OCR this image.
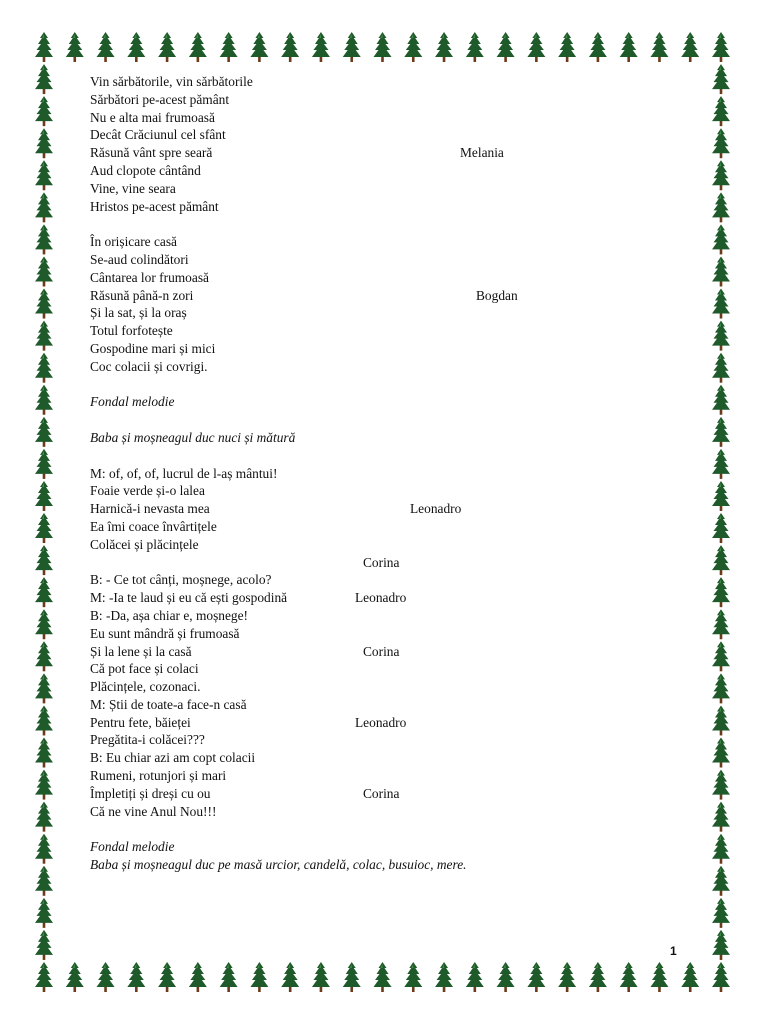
Vin sărbătorile, vin sărbătorile
Sărbători pe-acest pământ
Nu e alta mai frumoasă
Decât Crăciunul cel sfânt
Răsună vânt spre seară	Melania
Aud clopote cântând
Vine, vine seara
Hristos pe-acest pământ
În orișicare casă
Se-aud colindători
Cântarea lor frumoasă
Răsună până-n zori	Bogdan
Și la sat, și la oraș
Totul forfotește
Gospodine mari și mici
Coc colacii și covrigi.
Fondal melodie
Baba și moșneagul duc nuci și mătură
M: of, of, of, lucrul de l-aș mântui!
Foaie verde și-o lalea
Harnică-i nevasta mea	Leonadro
Ea îmi coace învârtițele
Colăcei și plăcințele
Corina
B: - Ce tot cânți, moșnege, acolo?
M: -Ia te laud și eu că ești gospodină	Leonadro
B: -Da, așa chiar e, moșnege!
Eu sunt mândră și frumoasă
Și la lene și la casă	Corina
Că pot face și colaci
Plăcințele, cozonaci.
M: Știi de toate-a face-n casă
Pentru fete, băieței	Leonadro
Pregătita-i colăcei???
B: Eu chiar azi am copt colacii
Rumeni, rotunjori și mari
Împletiți și dreși cu ou	Corina
Că ne vine Anul Nou!!!
Fondal melodie
Baba și moșneagul duc pe masă urcior, candelă, colac, busuioc, mere.
1
